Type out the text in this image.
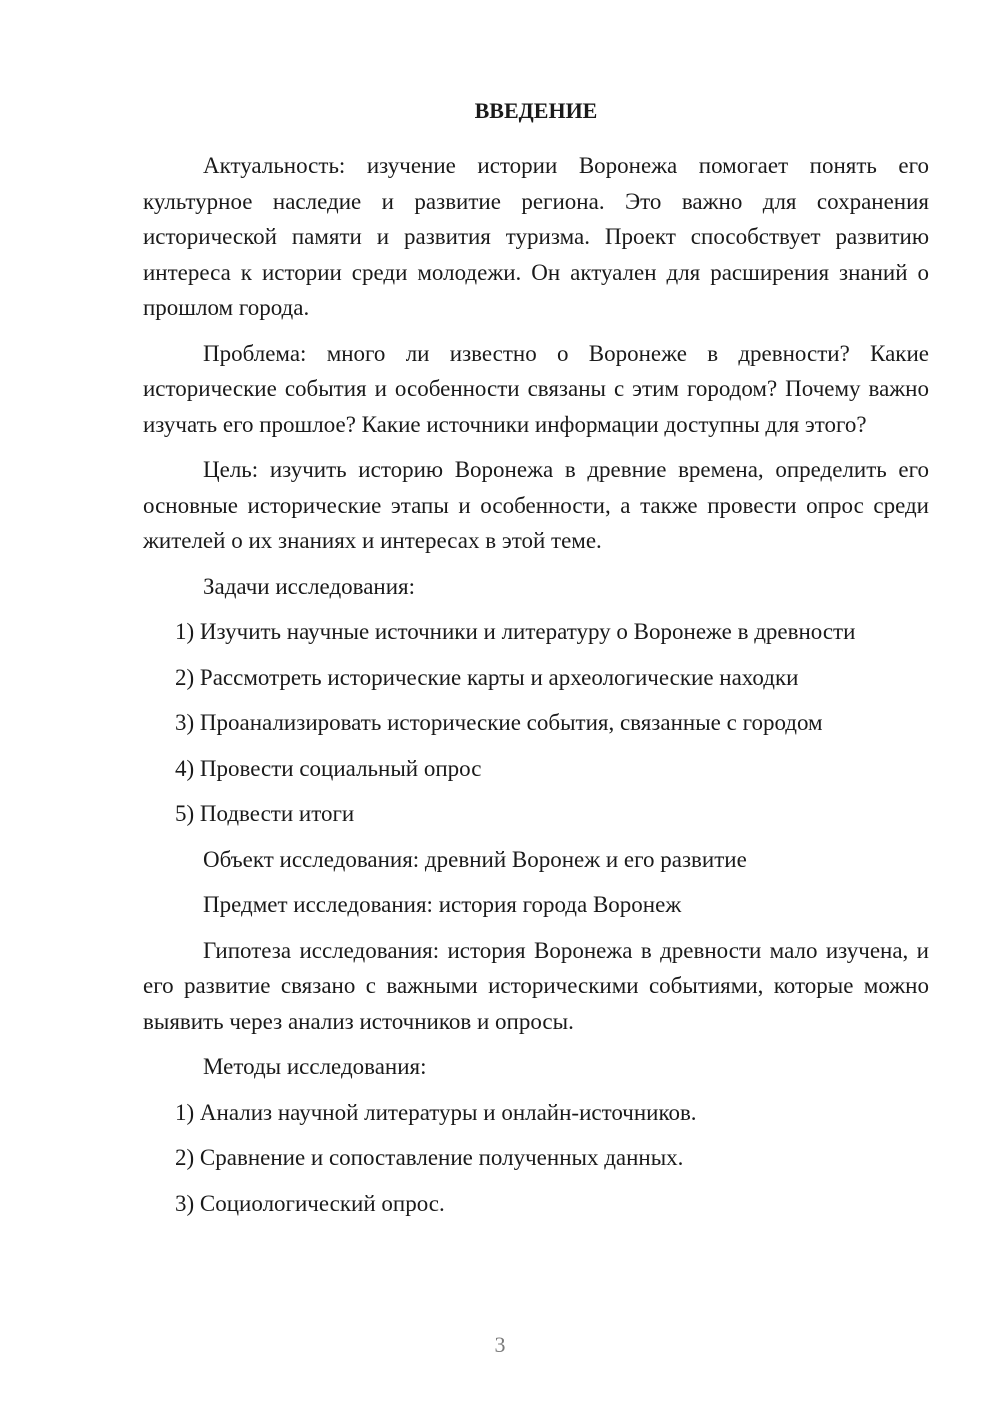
ВВЕДЕНИЕ

Актуальность: изучение истории Воронежа помогает понять его культурное наследие и развитие региона. Это важно для сохранения исторической памяти и развития туризма. Проект способствует развитию интереса к истории среди молодежи. Он актуален для расширения знаний о прошлом города.

Проблема: много ли известно о Воронеже в древности? Какие исторические события и особенности связаны с этим городом? Почему важно изучать его прошлое? Какие источники информации доступны для этого?

Цель: изучить историю Воронежа в древние времена, определить его основные исторические этапы и особенности, а также провести опрос среди жителей о их знаниях и интересах в этой теме.

Задачи исследования:
1) Изучить научные источники и литературу о Воронеже в древности
2) Рассмотреть исторические карты и археологические находки
3) Проанализировать исторические события, связанные с городом
4) Провести социальный опрос
5) Подвести итоги
Объект исследования: древний Воронеж и его развитие
Предмет исследования: история города Воронеж

Гипотеза исследования: история Воронежа в древности мало изучена, и его развитие связано с важными историческими событиями, которые можно выявить через анализ источников и опросы.

Методы исследования:
1) Анализ научной литературы и онлайн-источников.
2) Сравнение и сопоставление полученных данных.
3) Социологический опрос.
3
